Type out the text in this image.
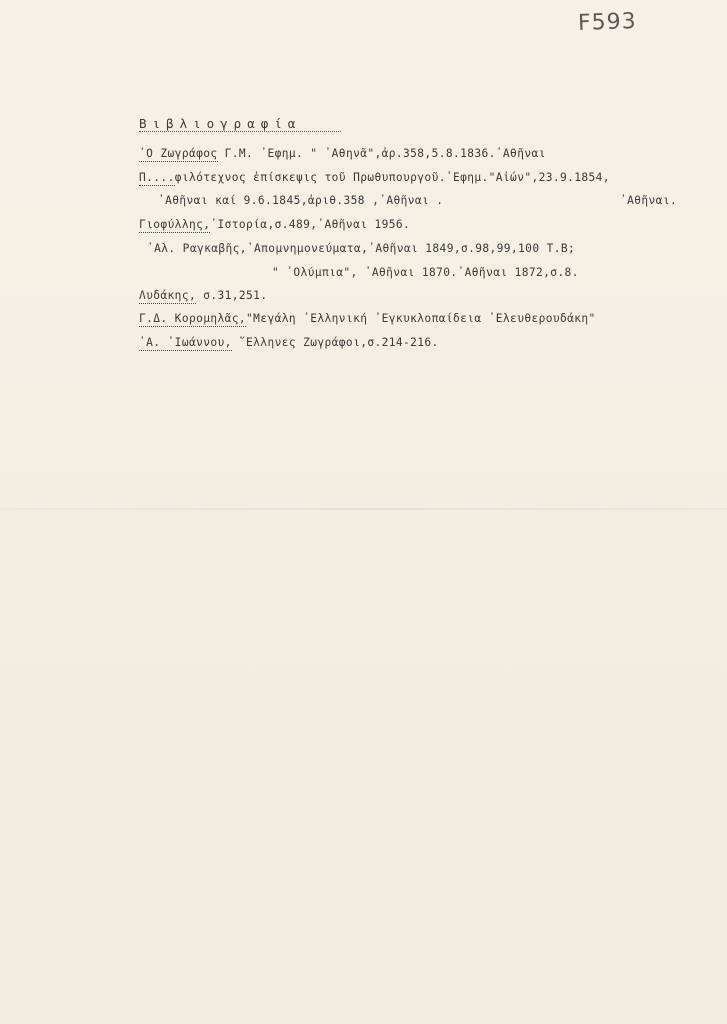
F593
Βιβλιογραφία
᾽Ο Ζωγράφος Γ.Μ. ᾽Εφημ. " ᾽Αθηνᾶ",ἀρ.358,5.8.1836.᾽Αθῆναι
Π....φιλότεχνος ἐπίσκεψις τοῦ Πρωθυπουργοῦ.᾽Εφημ."Αἰών",23.9.1854,
᾽Αθῆναι καί 9.6.1845,ἀριθ.358 ,᾽Αθῆναι .	᾽Αθῆναι.
Γιοφύλλης,᾽Ιστορία,σ.489,᾽Αθῆναι 1956.
᾽Αλ. Ραγκαβῆς,᾽Απομνημονεύματα,᾽Αθῆναι 1849,σ.98,99,100 Τ.Β;
" ᾽Ολύμπια", ᾽Αθῆναι 1870.᾽Αθῆναι 1872,σ.8.
Λυδάκης, σ.31,251.
Γ.Δ. Κορομηλᾶς,"Μεγάλη ᾽Ελληνική ᾽Εγκυκλοπαίδεια ᾽Ελευθερουδάκη"
᾽Α. ᾽Ιωάννου, ῞Ελληνες Ζωγράφοι,σ.214-216.
